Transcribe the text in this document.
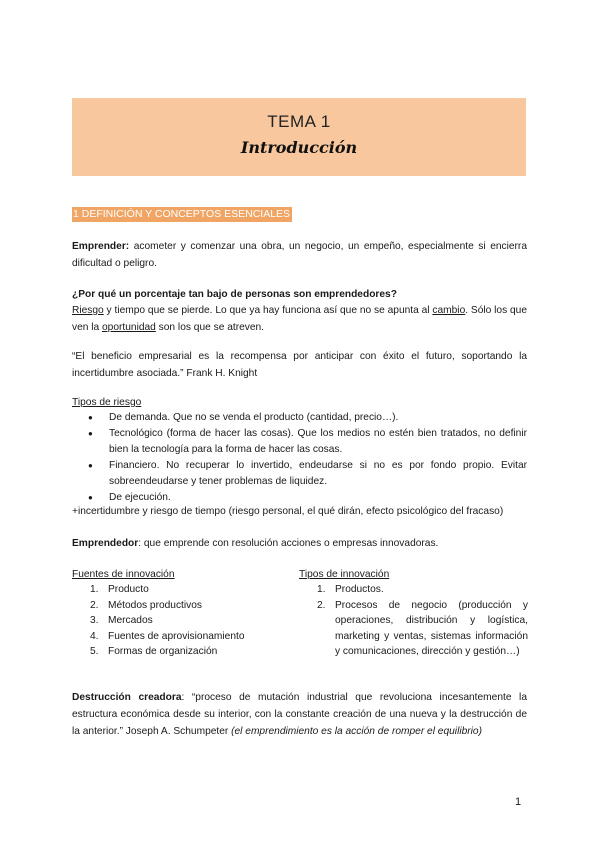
TEMA 1
Introducción
1 DEFINICIÓN Y CONCEPTOS ESENCIALES
Emprender: acometer y comenzar una obra, un negocio, un empeño, especialmente si encierra dificultad o peligro.
¿Por qué un porcentaje tan bajo de personas son emprendedores?
Riesgo y tiempo que se pierde. Lo que ya hay funciona así que no se apunta al cambio. Sólo los que ven la oportunidad son los que se atreven.
“El beneficio empresarial es la recompensa por anticipar con éxito el futuro, soportando la incertidumbre asociada.” Frank H. Knight
Tipos de riesgo
● De demanda. Que no se venda el producto (cantidad, precio…).
● Tecnológico (forma de hacer las cosas). Que los medios no estén bien tratados, no definir bien la tecnología para la forma de hacer las cosas.
● Financiero. No recuperar lo invertido, endeudarse si no es por fondo propio. Evitar sobreendeudarse y tener problemas de liquidez.
● De ejecución.
+incertidumbre y riesgo de tiempo (riesgo personal, el qué dirán, efecto psicológico del fracaso)
Emprendedor: que emprende con resolución acciones o empresas innovadoras.
Fuentes de innovación
1. Producto
2. Métodos productivos
3. Mercados
4. Fuentes de aprovisionamiento
5. Formas de organización
Tipos de innovación
1. Productos.
2. Procesos de negocio (producción y operaciones, distribución y logística, marketing y ventas, sistemas información y comunicaciones, dirección y gestión…)
Destrucción creadora: “proceso de mutación industrial que revoluciona incesantemente la estructura económica desde su interior, con la constante creación de una nueva y la destrucción de la anterior.” Joseph A. Schumpeter (el emprendimiento es la acción de romper el equilibrio)
1
